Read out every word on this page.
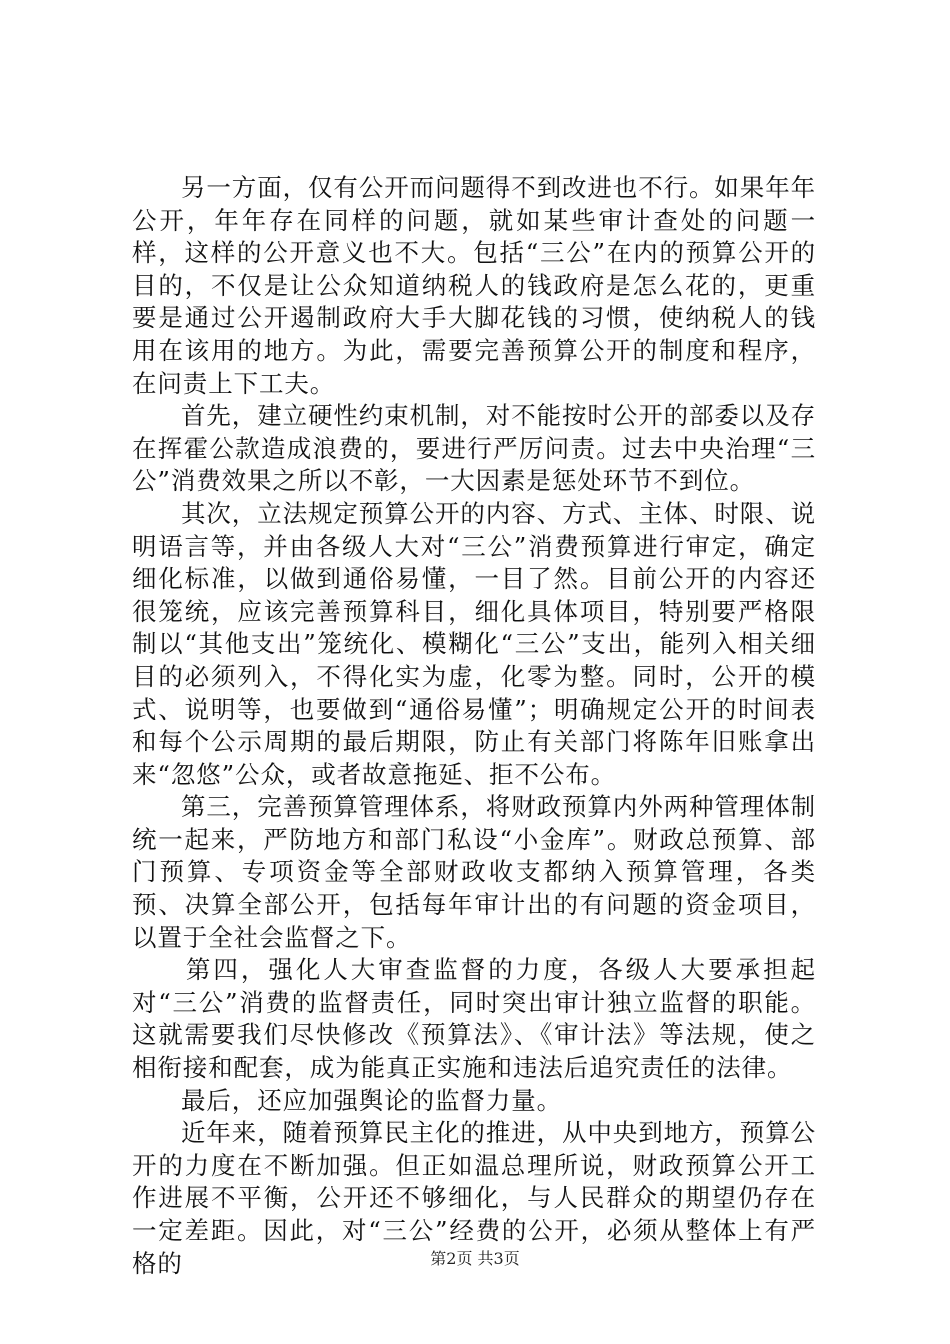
另一方面，仅有公开而问题得不到改进也不行。如果年年公开，年年存在同样的问题，就如某些审计查处的问题一样，这样的公开意义也不大。包括“三公”在内的预算公开的目的，不仅是让公众知道纳税人的钱政府是怎么花的，更重要是通过公开遏制政府大手大脚花钱的习惯，使纳税人的钱用在该用的地方。为此，需要完善预算公开的制度和程序，在问责上下工夫。

首先，建立硬性约束机制，对不能按时公开的部委以及存在挥霍公款造成浪费的，要进行严厉问责。过去中央治理“三公”消费效果之所以不彰，一大因素是惩处环节不到位。

其次，立法规定预算公开的内容、方式、主体、时限、说明语言等，并由各级人大对“三公”消费预算进行审定，确定细化标准，以做到通俗易懂，一目了然。目前公开的内容还很笼统，应该完善预算科目，细化具体项目，特别要严格限制以“其他支出”笼统化、模糊化“三公”支出，能列入相关细目的必须列入，不得化实为虚，化零为整。同时，公开的模式、说明等，也要做到“通俗易懂”；明确规定公开的时间表和每个公示周期的最后期限，防止有关部门将陈年旧账拿出来“忽悠”公众，或者故意拖延、拒不公布。

第三，完善预算管理体系，将财政预算内外两种管理体制统一起来，严防地方和部门私设“小金库”。财政总预算、部门预算、专项资金等全部财政收支都纳入预算管理，各类预、决算全部公开，包括每年审计出的有问题的资金项目，以置于全社会监督之下。

第四，强化人大审查监督的力度，各级人大要承担起对“三公”消费的监督责任，同时突出审计独立监督的职能。这就需要我们尽快修改《预算法》、《审计法》等法规，使之相衔接和配套，成为能真正实施和违法后追究责任的法律。

最后，还应加强舆论的监督力量。

近年来，随着预算民主化的推进，从中央到地方，预算公开的力度在不断加强。但正如温总理所说，财政预算公开工作进展不平衡，公开还不够细化，与人民群众的期望仍存在一定差距。因此，对“三公”经费的公开，必须从整体上有严格的	第2页 共3页
